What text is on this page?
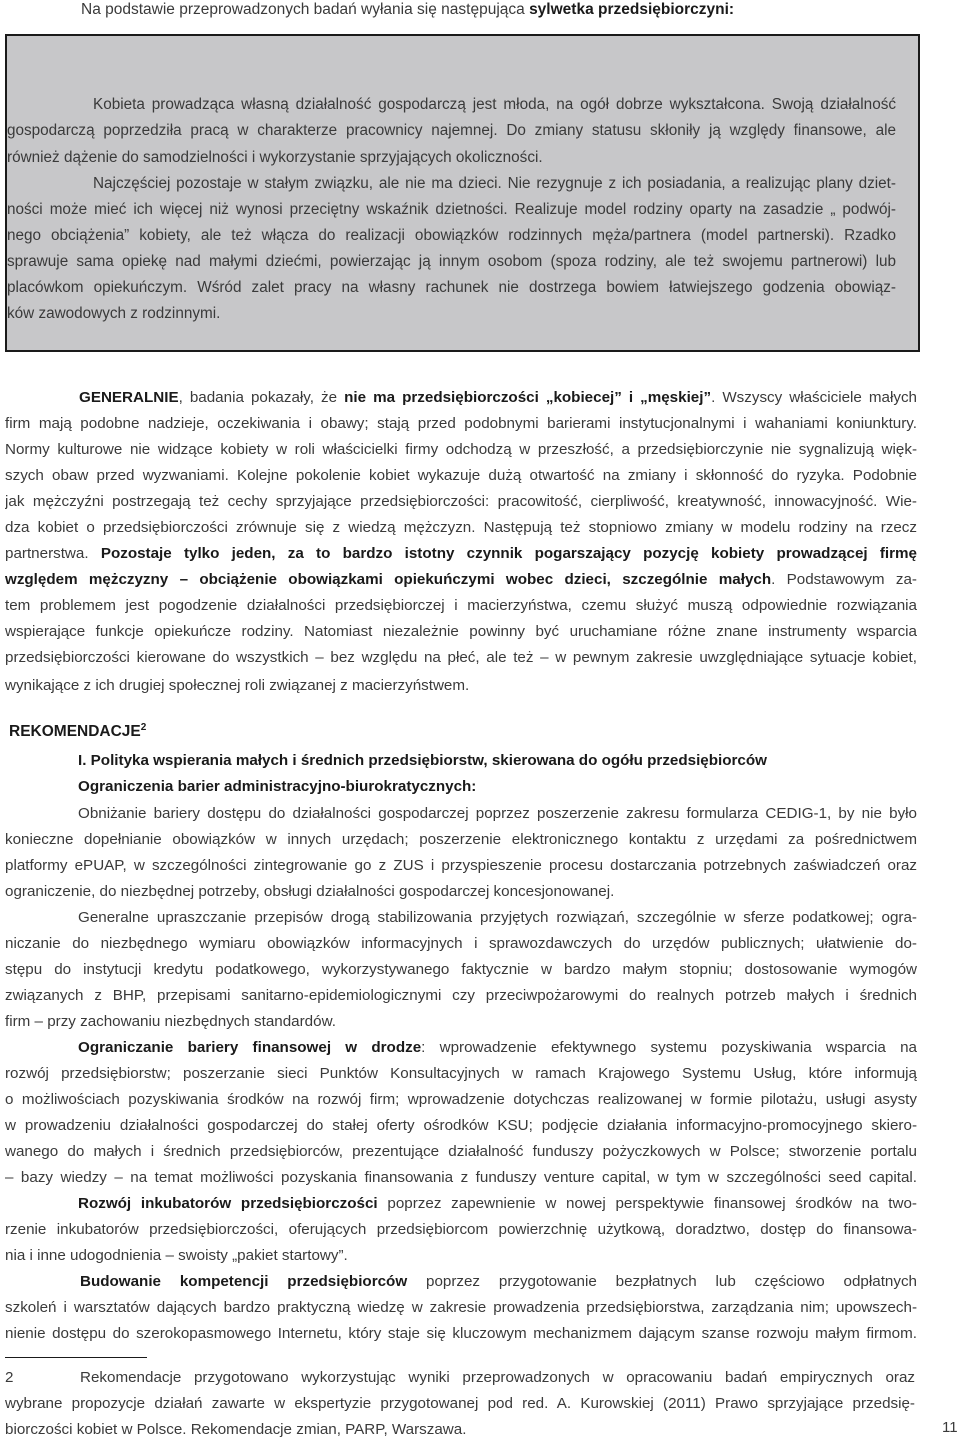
Na podstawie przeprowadzonych badań wyłania się następująca sylwetka przedsiębiorczyni:
Kobieta prowadząca własną działalność gospodarczą jest młoda, na ogół dobrze wykształcona. Swoją działalność
gospodarczą poprzedziła pracą w charakterze pracownicy najemnej. Do zmiany statusu skłoniły ją względy finansowe, ale
również dążenie do samodzielności i wykorzystanie sprzyjających okoliczności.
Najczęściej pozostaje w stałym związku, ale nie ma dzieci. Nie rezygnuje z ich posiadania, a realizując plany dziet-
ności może mieć ich więcej niż wynosi przeciętny wskaźnik dzietności. Realizuje model rodziny oparty na zasadzie „ podwój-
nego obciążenia” kobiety, ale też włącza do realizacji obowiązków rodzinnych męża/partnera (model partnerski). Rzadko
sprawuje sama opiekę nad małymi dziećmi, powierzając ją innym osobom (spoza rodziny, ale też swojemu partnerowi) lub
placówkom opiekuńczym. Wśród zalet pracy na własny rachunek nie dostrzega bowiem łatwiejszego godzenia obowiąz-
ków zawodowych z rodzinnymi.
GENERALNIE, badania pokazały, że nie ma przedsiębiorczości „kobiecej” i „męskiej”. Wszyscy właściciele małych
firm mają podobne nadzieje, oczekiwania i obawy; stają przed podobnymi barierami instytucjonalnymi i wahaniami koniunktury.
Normy kulturowe nie widzące kobiety w roli właścicielki firmy odchodzą w przeszłość, a przedsiębiorczynie nie sygnalizują więk-
szych obaw przed wyzwaniami. Kolejne pokolenie kobiet wykazuje dużą otwartość na zmiany i skłonność do ryzyka. Podobnie
jak mężczyźni postrzegają też cechy sprzyjające przedsiębiorczości: pracowitość, cierpliwość, kreatywność, innowacyjność. Wie-
dza kobiet o przedsiębiorczości zrównuje się z wiedzą mężczyzn. Następują też stopniowo zmiany w modelu rodziny na rzecz
partnerstwa. Pozostaje tylko jeden, za to bardzo istotny czynnik pogarszający pozycję kobiety prowadzącej firmę
względem mężczyzny – obciążenie obowiązkami opiekuńczymi wobec dzieci, szczególnie małych. Podstawowym za-
tem problemem jest pogodzenie działalności przedsiębiorczej i macierzyństwa, czemu służyć muszą odpowiednie rozwiązania
wspierające funkcje opiekuńcze rodziny. Natomiast niezależnie powinny być uruchamiane różne znane instrumenty wsparcia
przedsiębiorczości kierowane do wszystkich – bez względu na płeć, ale też – w pewnym zakresie uwzględniające sytuacje kobiet,
wynikające z ich drugiej społecznej roli związanej z macierzyństwem.
REKOMENDACJE$^2$
I. Polityka wspierania małych i średnich przedsiębiorstw, skierowana do ogółu przedsiębiorców
Ograniczenia barier administracyjno-biurokratycznych:
Obniżanie bariery dostępu do działalności gospodarczej poprzez poszerzenie zakresu formularza CEDIG-1, by nie było
konieczne dopełnianie obowiązków w innych urzędach; poszerzenie elektronicznego kontaktu z urzędami za pośrednictwem
platformy ePUAP, w szczególności zintegrowanie go z ZUS i przyspieszenie procesu dostarczania potrzebnych zaświadczeń oraz
ograniczenie, do niezbędnej potrzeby, obsługi działalności gospodarczej koncesjonowanej.
Generalne upraszczanie przepisów drogą stabilizowania przyjętych rozwiązań, szczególnie w sferze podatkowej; ogra-
niczanie do niezbędnego wymiaru obowiązków informacyjnych i sprawozdawczych do urzędów publicznych; ułatwienie do-
stępu do instytucji kredytu podatkowego, wykorzystywanego faktycznie w bardzo małym stopniu; dostosowanie wymogów
związanych z BHP, przepisami sanitarno-epidemiologicznymi czy przeciwpożarowymi do realnych potrzeb małych i średnich
firm – przy zachowaniu niezbędnych standardów.
Ograniczanie bariery finansowej w drodze: wprowadzenie efektywnego systemu pozyskiwania wsparcia na
rozwój przedsiębiorstw; poszerzanie sieci Punktów Konsultacyjnych w ramach Krajowego Systemu Usług, które informują
o możliwościach pozyskiwania środków na rozwój firm; wprowadzenie dotychczas realizowanej w formie pilotażu, usługi asysty
w prowadzeniu działalności gospodarczej do stałej oferty ośrodków KSU; podjęcie działania informacyjno-promocyjnego skiero-
wanego do małych i średnich przedsiębiorców, prezentujące działalność funduszy pożyczkowych w Polsce; stworzenie portalu
– bazy wiedzy – na temat możliwości pozyskania finansowania z funduszy venture capital, w tym w szczególności seed capital.
Rozwój inkubatorów przedsiębiorczości poprzez zapewnienie w nowej perspektywie finansowej środków na two-
rzenie inkubatorów przedsiębiorczości, oferujących przedsiębiorcom powierzchnię użytkową, doradztwo, dostęp do finansowa-
nia i inne udogodnienia – swoisty „pakiet startowy”.
Budowanie kompetencji przedsiębiorców poprzez przygotowanie bezpłatnych lub częściowo odpłatnych
szkoleń i warsztatów dających bardzo praktyczną wiedzę w zakresie prowadzenia przedsiębiorstwa, zarządzania nim; upowszech-
nienie dostępu do szerokopasmowego Internetu, który staje się kluczowym mechanizmem dającym szanse rozwoju małym firmom.
2	Rekomendacje przygotowano wykorzystując wyniki przeprowadzonych w opracowaniu badań empirycznych oraz
wybrane propozycje działań zawarte w ekspertyzie przygotowanej pod red. A. Kurowskiej (2011) Prawo sprzyjające przedsię-
biorczości kobiet w Polsce. Rekomendacje zmian, PARP, Warszawa.	11
